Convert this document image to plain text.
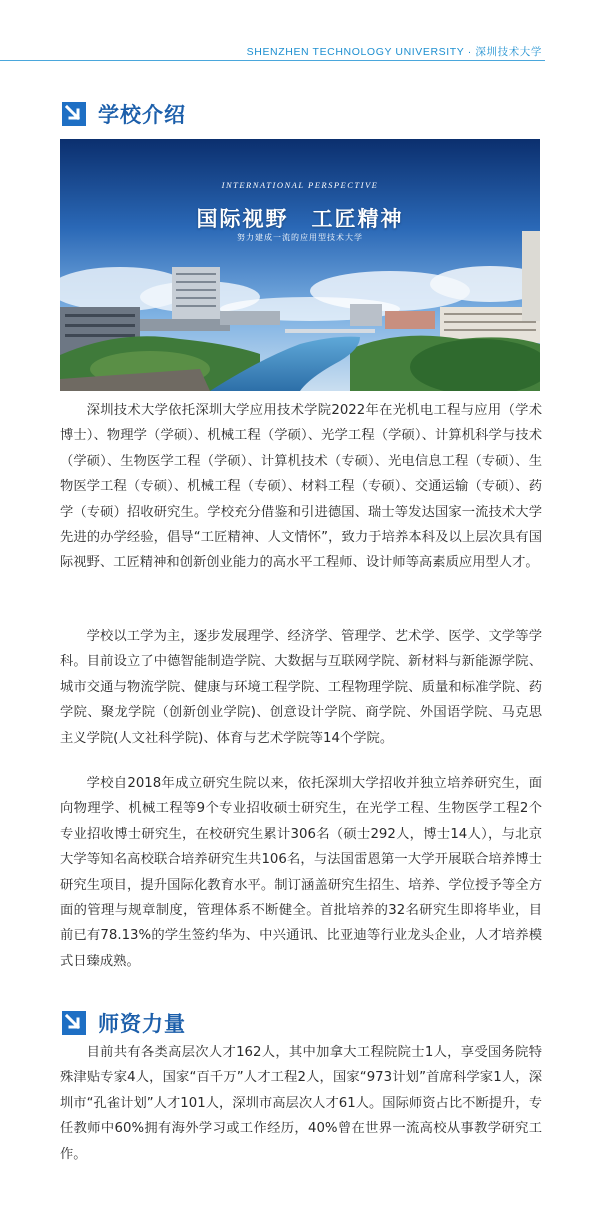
SHENZHEN TECHNOLOGY UNIVERSITY · 深圳技术大学
学校介绍
INTERNATIONAL PERSPECTIVE
国际视野　工匠精神
努力建成一流的应用型技术大学

深圳技术大学依托深圳大学应用技术学院2022年在光机电工程与应用（学术博士）、物理学（学硕）、机械工程（学硕）、光学工程（学硕）、计算机科学与技术（学硕）、生物医学工程（学硕）、计算机技术（专硕）、光电信息工程（专硕）、生物医学工程（专硕）、机械工程（专硕）、材料工程（专硕）、交通运输（专硕）、药学（专硕）招收研究生。学校充分借鉴和引进德国、瑞士等发达国家一流技术大学先进的办学经验，倡导“工匠精神、人文情怀”，致力于培养本科及以上层次具有国际视野、工匠精神和创新创业能力的高水平工程师、设计师等高素质应用型人才。

学校以工学为主，逐步发展理学、经济学、管理学、艺术学、医学、文学等学科。目前设立了中德智能制造学院、大数据与互联网学院、新材料与新能源学院、城市交通与物流学院、健康与环境工程学院、工程物理学院、质量和标准学院、药学院、聚龙学院（创新创业学院)、创意设计学院、商学院、外国语学院、马克思主义学院(人文社科学院)、体育与艺术学院等14个学院。

学校自2018年成立研究生院以来，依托深圳大学招收并独立培养研究生，面向物理学、机械工程等9个专业招收硕士研究生，在光学工程、生物医学工程2个专业招收博士研究生，在校研究生累计306名（硕士292人，博士14人），与北京大学等知名高校联合培养研究生共106名，与法国雷恩第一大学开展联合培养博士研究生项目，提升国际化教育水平。制订涵盖研究生招生、培养、学位授予等全方面的管理与规章制度，管理体系不断健全。首批培养的32名研究生即将毕业，目前已有78.13%的学生签约华为、中兴通讯、比亚迪等行业龙头企业，人才培养模式日臻成熟。

师资力量

目前共有各类高层次人才162人，其中加拿大工程院院士1人，享受国务院特殊津贴专家4人，国家“百千万”人才工程2人，国家“973计划”首席科学家1人，深圳市“孔雀计划”人才101人，深圳市高层次人才61人。国际师资占比不断提升，专任教师中60%拥有海外学习或工作经历，40%曾在世界一流高校从事教学研究工作。
